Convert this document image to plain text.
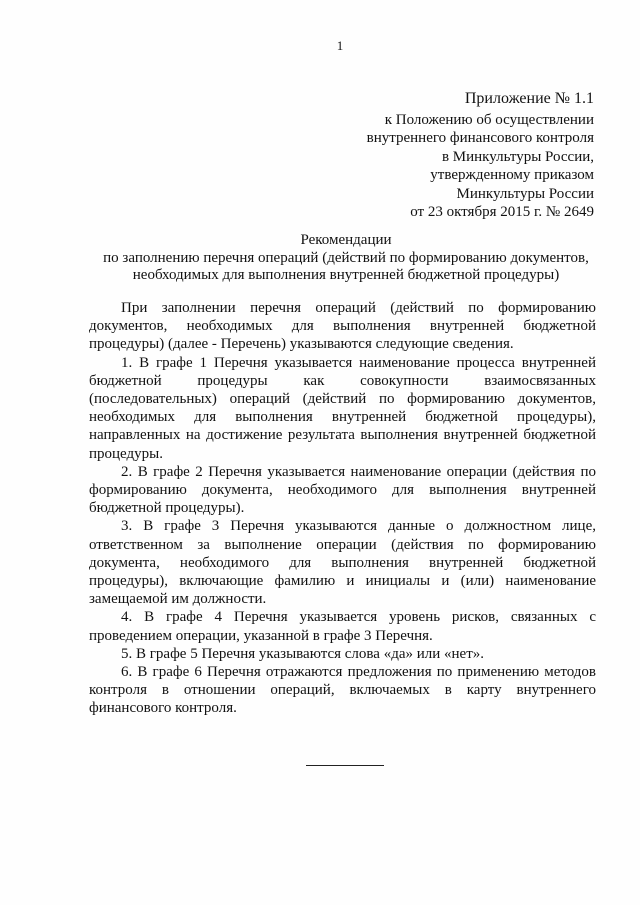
1
Приложение № 1.1
к Положению об осуществлении
внутреннего финансового контроля
в Минкультуры России,
утвержденному приказом
Минкультуры России
от 23 октября 2015 г. № 2649
Рекомендации
по заполнению перечня операций (действий по формированию документов,
необходимых для выполнения внутренней бюджетной процедуры)

При заполнении перечня операций (действий по формированию документов, необходимых для выполнения внутренней бюджетной процедуры) (далее - Перечень) указываются следующие сведения.

1. В графе 1 Перечня указывается наименование процесса внутренней бюджетной процедуры как совокупности взаимосвязанных (последовательных) операций (действий по формированию документов, необходимых для выполнения внутренней бюджетной процедуры), направленных на достижение результата выполнения внутренней бюджетной процедуры.

2. В графе 2 Перечня указывается наименование операции (действия по формированию документа, необходимого для выполнения внутренней бюджетной процедуры).

3. В графе 3 Перечня указываются данные о должностном лице, ответственном за выполнение операции (действия по формированию документа, необходимого для выполнения внутренней бюджетной процедуры), включающие фамилию и инициалы и (или) наименование замещаемой им должности.

4. В графе 4 Перечня указывается уровень рисков, связанных с проведением операции, указанной в графе 3 Перечня.

5. В графе 5 Перечня указываются слова «да» или «нет».

6. В графе 6 Перечня отражаются предложения по применению методов контроля в отношении операций, включаемых в карту внутреннего финансового контроля.
